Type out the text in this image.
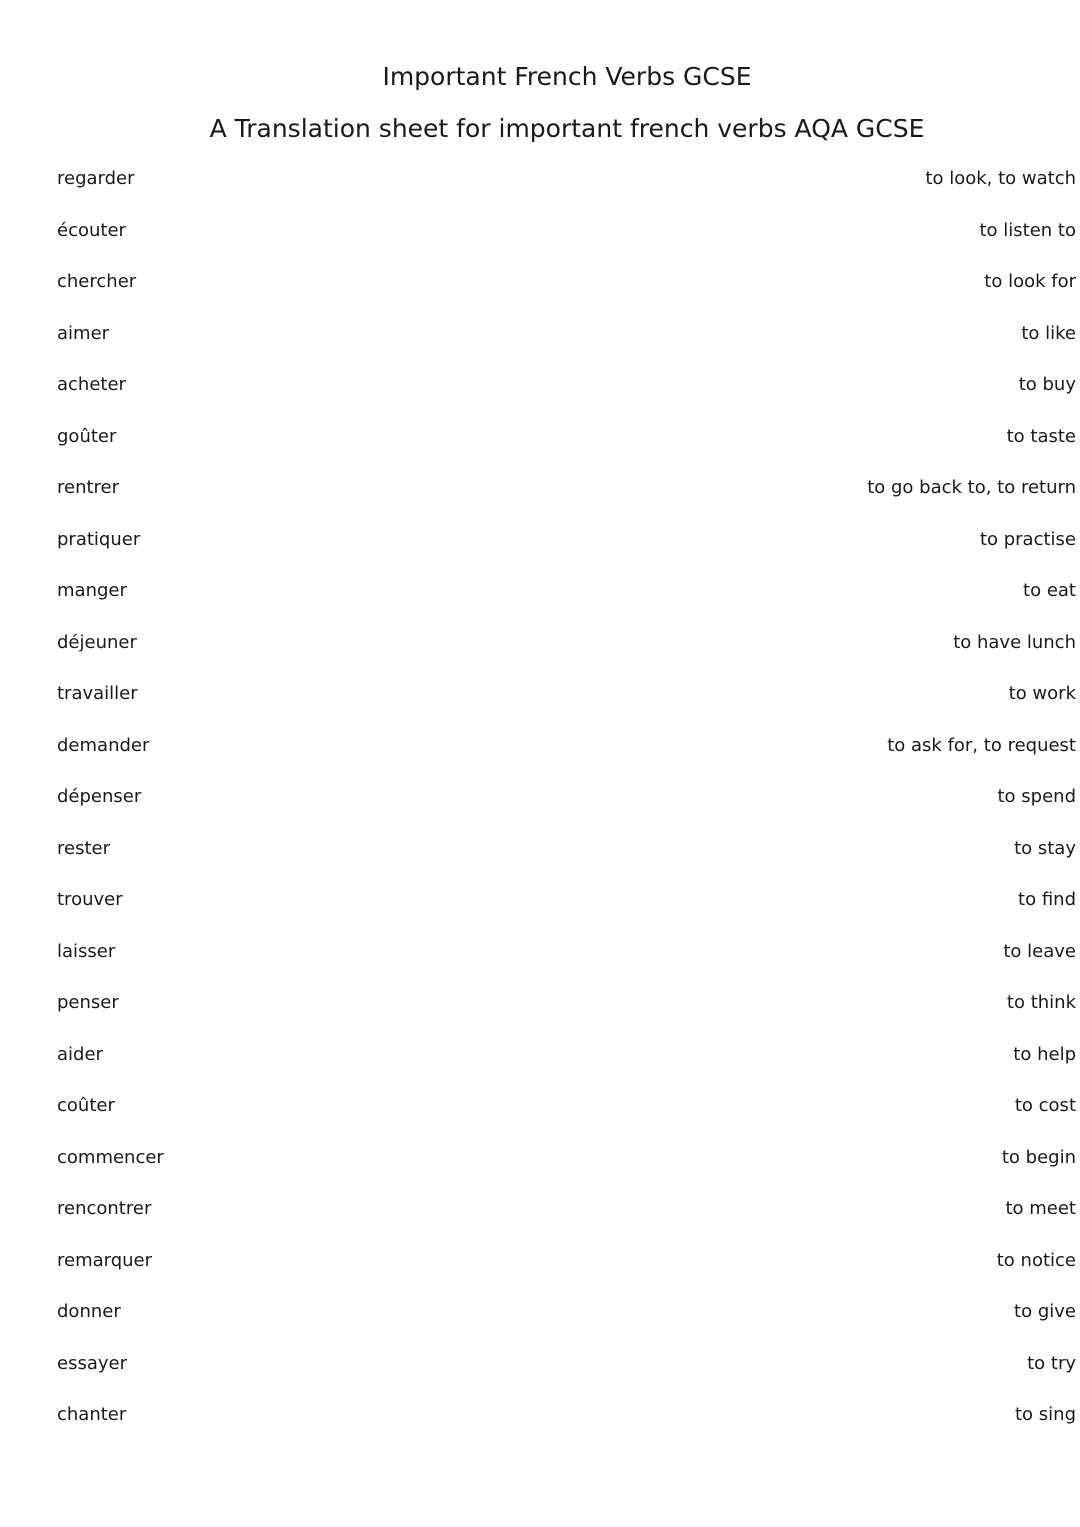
Important French Verbs GCSE
A Translation sheet for important french verbs AQA GCSE
regarder	to look, to watch
écouter	to listen to
chercher	to look for
aimer	to like
acheter	to buy
goûter	to taste
rentrer	to go back to, to return
pratiquer	to practise
manger	to eat
déjeuner	to have lunch
travailler	to work
demander	to ask for, to request
dépenser	to spend
rester	to stay
trouver	to find
laisser	to leave
penser	to think
aider	to help
coûter	to cost
commencer	to begin
rencontrer	to meet
remarquer	to notice
donner	to give
essayer	to try
chanter	to sing
